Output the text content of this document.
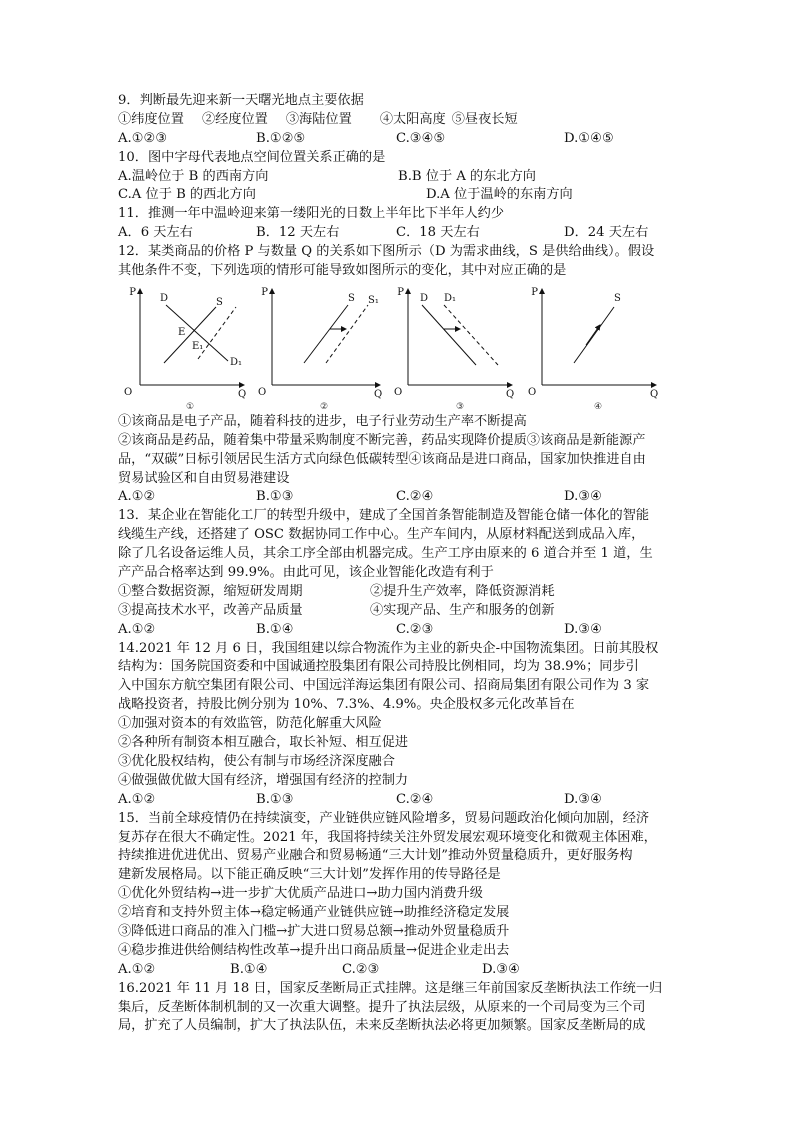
9．判断最先迎来新一天曙光地点主要依据
①纬度位置 ②经度位置 ③海陆位置 ④太阳高度 ⑤昼夜长短
A.①②③	B.①②⑤	C.③④⑤	D.①④⑤
10．图中字母代表地点空间位置关系正确的是
A.温岭位于 B 的西南方向	B.B 位于 A 的东北方向
C.A 位于 B 的西北方向	D.A 位于温岭的东南方向
11．推测一年中温岭迎来第一缕阳光的日数上半年比下半年人约少
A．6 天左右	B．12 天左右	C．18 天左右	D．24 天左右
12．某类商品的价格 P 与数量 Q 的关系如下图所示（D 为需求曲线，S 是供给曲线）。假设
其他条件不变，下列选项的情形可能导致如图所示的变化，其中对应正确的是
P
O	Q
D	S
E
E₁
D₁
①
P
O	Q
S S₁
②
P
O	Q
D D₁
③
P
O	Q
S
④
①该商品是电子产品，随着科技的进步，电子行业劳动生产率不断提高
②该商品是药品，随着集中带量采购制度不断完善，药品实现降价提质③该商品是新能源产
品，“双碳”日标引领居民生活方式向绿色低碳转型④该商品是进口商品，国家加快推进自由
贸易试验区和自由贸易港建设
A.①②	B.①③	C.②④	D.③④
13．某企业在智能化工厂的转型升级中，建成了全国首条智能制造及智能仓储一体化的智能
线缆生产线，还搭建了 OSC 数据协同工作中心。生产车间内，从原材料配送到成品入库，
除了几名设备运维人员，其余工序全部由机器完成。生产工序由原来的 6 道合并至 1 道，生
产产品合格率达到 99.9%。由此可见，该企业智能化改造有利于
①整合数据资源，缩短研发周期	②提升生产效率，降低资源消耗
③提高技术水平，改善产品质量	④实现产品、生产和服务的创新
A.①②	B.①④	C.②③	D.③④
14.2021 年 12 月 6 日，我国组建以综合物流作为主业的新央企-中国物流集团。日前其股权
结构为：国务院国资委和中国诚通控股集团有限公司持股比例相同，均为 38.9%；同步引
入中国东方航空集团有限公司、中国远洋海运集团有限公司、招商局集团有限公司作为 3 家
战略投资者，持股比例分别为 10%、7.3%、4.9%。央企股权多元化改革旨在
①加强对资本的有效监管，防范化解重大风险
②各种所有制资本相互融合，取长补短、相互促进
③优化股权结构，使公有制与市场经济深度融合
④做强做优做大国有经济，增强国有经济的控制力
A.①②	B.①③	C.②④	D.③④
15．当前全球疫情仍在持续演变，产业链供应链风险增多，贸易问题政治化倾向加剧，经济
复苏存在很大不确定性。2021 年，我国将持续关注外贸发展宏观环境变化和微观主体困难，
持续推进优进优出、贸易产业融合和贸易畅通“三大计划”推动外贸量稳质升，更好服务构
建新发展格局。以下能正确反映“三大计划”发挥作用的传导路径是
①优化外贸结构→进一步扩大优质产品进口→助力国内消费升级
②培育和支持外贸主体→稳定畅通产业链供应链→助推经济稳定发展
③降低进口商品的准入门槛→扩大进口贸易总额→推动外贸量稳质升
④稳步推进供给侧结构性改革→提升出口商品质量→促进企业走出去
A.①②	B.①④	C.②③	D.③④
16.2021 年 11 月 18 日，国家反垄断局正式挂牌。这是继三年前国家反垄断执法工作统一归
集后，反垄断体制机制的又一次重大调整。提升了执法层级，从原来的一个司局变为三个司
局，扩充了人员编制，扩大了执法队伍，未来反垄断执法必将更加频繁。国家反垄断局的成
